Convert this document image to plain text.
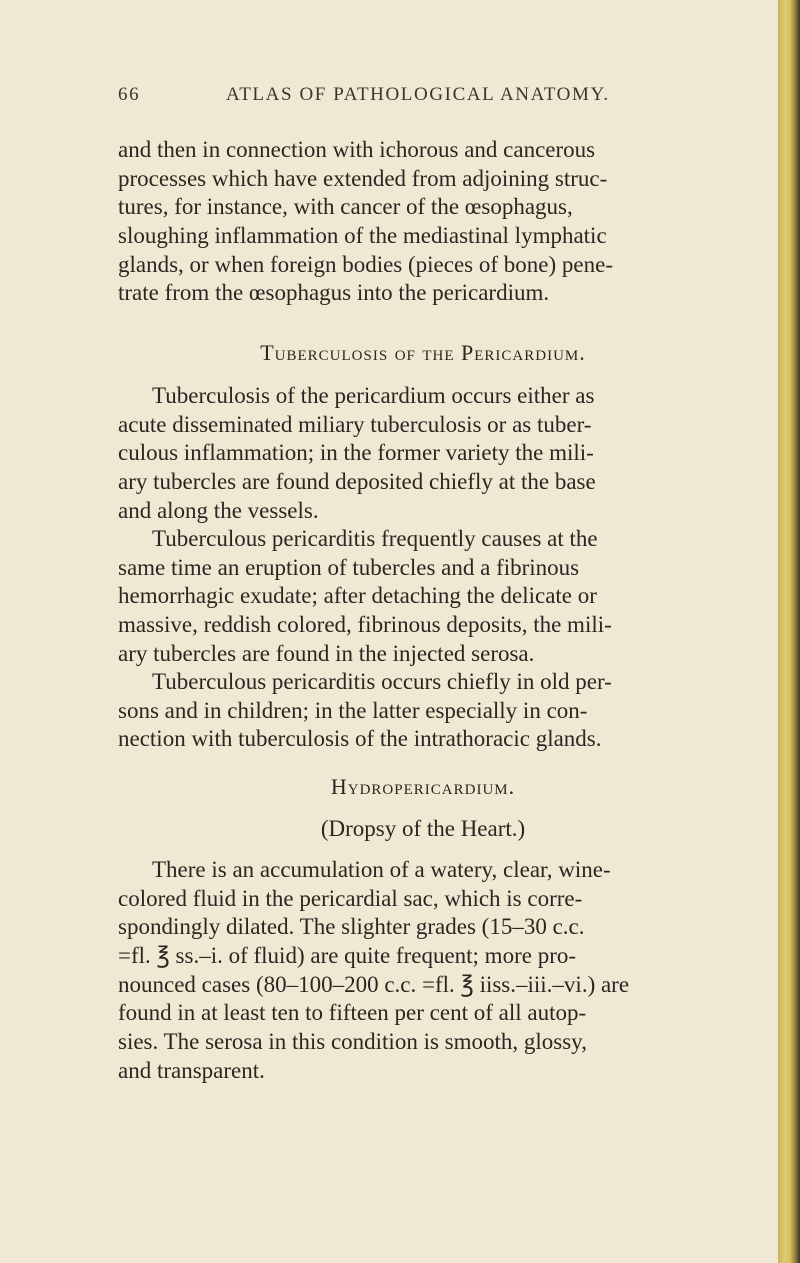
66	ATLAS OF PATHOLOGICAL ANATOMY.
and then in connection with ichorous and cancerous
processes which have extended from adjoining struc-
tures, for instance, with cancer of the œsophagus,
sloughing inflammation of the mediastinal lymphatic
glands, or when foreign bodies (pieces of bone) pene-
trate from the œsophagus into the pericardium.
Tuberculosis of the Pericardium.
Tuberculosis of the pericardium occurs either as
acute disseminated miliary tuberculosis or as tuber-
culous inflammation; in the former variety the mili-
ary tubercles are found deposited chiefly at the base
and along the vessels.
Tuberculous pericarditis frequently causes at the
same time an eruption of tubercles and a fibrinous
hemorrhagic exudate; after detaching the delicate or
massive, reddish colored, fibrinous deposits, the mili-
ary tubercles are found in the injected serosa.
Tuberculous pericarditis occurs chiefly in old per-
sons and in children; in the latter especially in con-
nection with tuberculosis of the intrathoracic glands.
Hydropericardium.
(Dropsy of the Heart.)
There is an accumulation of a watery, clear, wine-
colored fluid in the pericardial sac, which is corre-
spondingly dilated. The slighter grades (15–30 c.c.
=fl. ℥ ss.–i. of fluid) are quite frequent; more pro-
nounced cases (80–100–200 c.c. =fl. ℥ iiss.–iii.–vi.) are
found in at least ten to fifteen per cent of all autop-
sies. The serosa in this condition is smooth, glossy,
and transparent.
